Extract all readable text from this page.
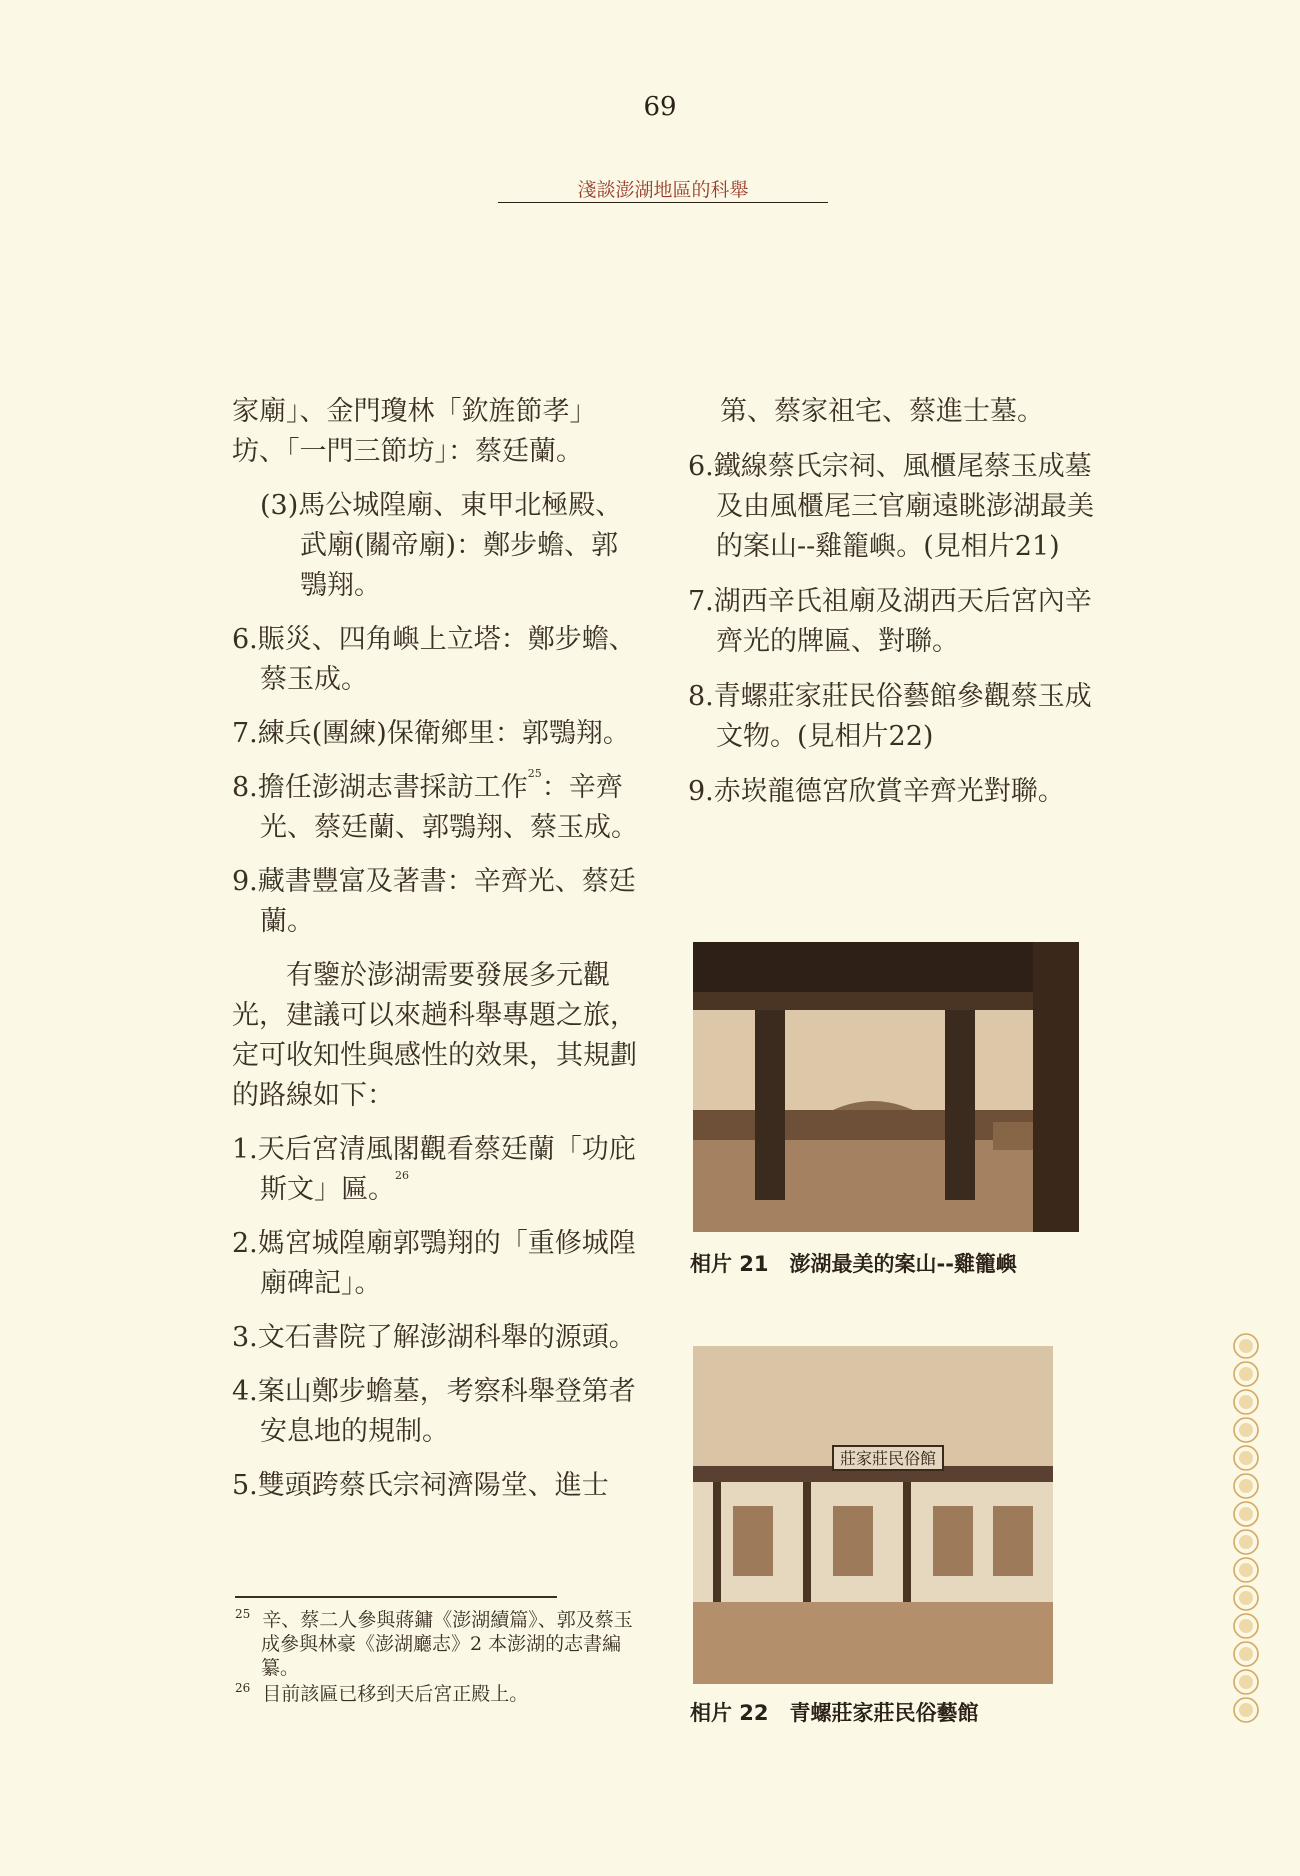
69
淺談澎湖地區的科舉

家廟」、金門瓊林「欽旌節孝」坊、「一門三節坊」：蔡廷蘭。

(3)馬公城隍廟、東甲北極殿、武廟(關帝廟)：鄭步蟾、郭鶚翔。

6.賑災、四角嶼上立塔：鄭步蟾、蔡玉成。

7.練兵(團練)保衛鄉里：郭鶚翔。

8.擔任澎湖志書採訪工作$^{25}$：辛齊光、蔡廷蘭、郭鶚翔、蔡玉成。

9.藏書豐富及著書：辛齊光、蔡廷蘭。

有鑒於澎湖需要發展多元觀光，建議可以來趟科舉專題之旅，定可收知性與感性的效果，其規劃的路線如下：

1.天后宮清風閣觀看蔡廷蘭「功庇斯文」匾。$^{26}$

2.媽宮城隍廟郭鶚翔的「重修城隍廟碑記」。

3.文石書院了解澎湖科舉的源頭。

4.案山鄭步蟾墓，考察科舉登第者安息地的規制。

5.雙頭跨蔡氏宗祠濟陽堂、進士

第、蔡家祖宅、蔡進士墓。

6.鐵線蔡氏宗祠、風櫃尾蔡玉成墓及由風櫃尾三官廟遠眺澎湖最美的案山--雞籠嶼。(見相片21)

7.湖西辛氏祖廟及湖西天后宮內辛齊光的牌匾、對聯。

8.青螺莊家莊民俗藝館參觀蔡玉成文物。(見相片22)

9.赤崁龍德宮欣賞辛齊光對聯。

相片 21　澎湖最美的案山--雞籠嶼
莊家莊民俗館
相片 22　青螺莊家莊民俗藝館

$^{25}$ 辛、蔡二人參與蔣鏞《澎湖續篇》、郭及蔡玉成參與林豪《澎湖廳志》2 本澎湖的志書編纂。

$^{26}$ 目前該匾已移到天后宮正殿上。
